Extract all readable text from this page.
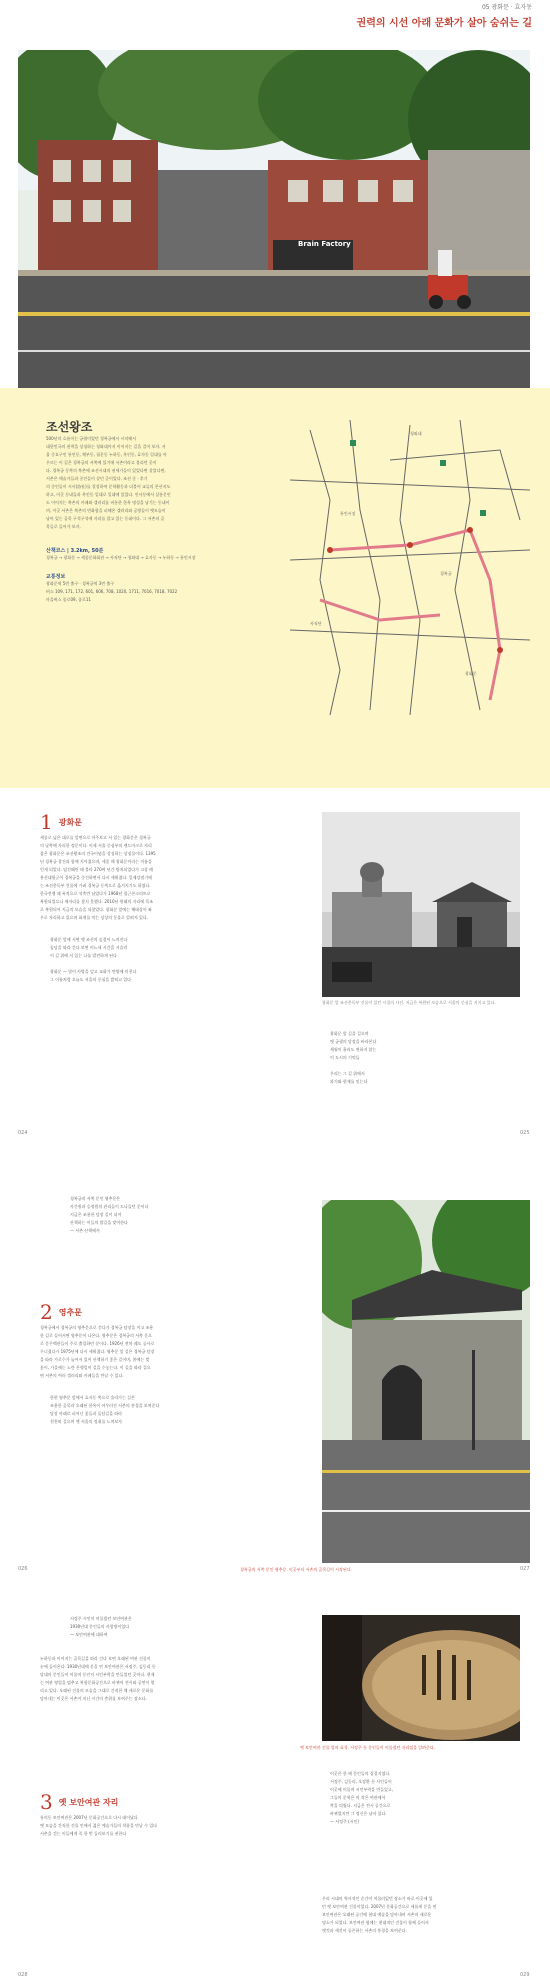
05 광화문 · 효자동
권력의 시선 아래 문화가 살아 숨쉬는 길
Brain Factory
조선왕조
500년의 흐름이는 궁궐이었던 경복궁에서 시작해서
대한민국의 권력을 상징하는 청와대까지 이어지는 길을 걸어 보자. 서
울 중요구인 통인동, 체부동, 필운동 누하동, 옥인동, 효자동 일대를 아
우르는 이 길은 경복궁의 서쪽에 있기에 서촌이라고 불리던 곳이
다. 경복궁 동쪽의 북촌에 조선시대의 권세가들이 있었다면 살았다면,
서촌은 예술가들과 중인들이 살던 곳이었다. 조선 중 · 후기
의 중인들이 시사(詩社)를 결성하여 문학활동과 더불어 교류의 본산지도
하고, 이곳 동네들과 옥인동 일대로 일대에 있었다. 인사동에서 살롱문인
도 이어지는 북촌의 카페와 갤러리를 비롯한 한옥 명성을 남기는 동네이
며, 이곳 서촌은 북촌의 번화함을 피해온 갤러리와 공방들이 옛모습이
남아 있는 골목 구석구석에 자리를 잡고 있는 동네이다. 그 서촌의 골
목들로 들어가 보자.
산책코스 | 3.2km, 50분
경복궁 → 광화문 → 세종문화회관 → 사직단 → 청와대 → 효자동 → 누하동 → 통인시장
교통정보
광화문역 5번 출구 · 경복궁역 3번 출구
버스 109, 171, 172, 601, 606, 708, 1020, 1711, 7016, 7018, 7022
마을버스 종로09, 종로11
경복궁
청와대
사직단
광화문
통인시장
024	025
1 광화문
세종로 넓은 대로를 앞면으로 마주보고 서 있는 광화문은 경복궁
의 남쪽에 자리한 정문이다. 이제 서울 중심부의 랜드마크로 자리
잡은 광화문은 조선왕조의 건국이념을 상징하는 상징물이다. 1395
년 경복궁 창건과 함께 지어졌으며, 세종 때 광화문이라는 이름을
얻게 되었다. 임진왜란 때 불타 270여 년간 방치되었다가 고종 때
흥선대원군이 경복궁을 중건하면서 다시 세워졌다. 일제강점기에
는 조선총독부 건물에 가려 경복궁 동쪽으로 옮겨지기도 하였다.
한국전쟁 때 폭격으로 석축만 남았다가 1968년 철근콘크리트로
복원되었으나 제자리를 찾지 못했다. 2010년 원래의 자리에 목조
로 복원되어 지금의 모습을 되찾았다. 광화문 앞에는 해태상이 좌
우로 자리하고 있으며 화재를 막는 상상의 동물로 알려져 있다.
광화문 앞에 서면 옛 조선의 숨결이 느껴진다
돌담을 따라 걷다 보면 어느새 시간을 거슬러
이 길 위에 서 있는 나를 발견하게 된다
광화문 — 빛이 사방을 덮고 교화가 만방에 미친다
그 이름처럼 오늘도 서울의 중심을 밝히고 있다
광화문 앞 조선총독부 건물이 있던 시절의 사진. 지금은 복원된 모습으로 서울의 중심을 지키고 있다.
광화문 앞 길을 걸으며
옛 궁궐의 담장을 바라본다
세월이 흘러도 변하지 않는
이 도시의 기억들
우리는 그 길 위에서
과거와 현재를 잇는다
경복궁의 서쪽 문인 영추문은
사간원과 승정원의 관리들이 드나들던 문이다
지금은 조용한 담장 길이 되어
산책하는 이들의 발길을 맞이한다
— 서촌 산책에서
2 영추문
경복궁에서 경복궁의 영추문으로 걷다가 경복궁 담장을 끼고 조용
한 길로 들어서면 영추문이 나온다. 영추문은 경복궁의 서쪽 문으
로 문무백관들이 주로 출입하던 문이다. 1926년 전차 궤도 공사로
무너졌다가 1975년에 다시 세워졌다. 영추문 앞 길은 경복궁 담장
을 따라 가로수가 늘어서 있어 산책하기 좋은 길이며, 봄에는 벚
꽃이, 가을에는 노란 은행잎이 길을 수놓는다. 이 길을 따라 걸으
면 서촌의 여러 갤러리와 카페들을 만날 수 있다.
한편 영추문 앞에서 효자동 쪽으로 올라가는 길은
조용한 골목과 오래된 한옥이 어우러진 서촌의 풍경을 보여준다
담장 아래로 피어난 꽃들과 돌담길을 따라
천천히 걸으며 옛 서울의 정취를 느껴보자
경복궁의 서쪽 문인 영추문. 이곳부터 서촌의 골목길이 시작된다.
026	027
서정주 시인이 머물렀던 보안여관은
1930년대 문인들의 사랑방이었다
— 보안여관에 대하여
누하동과 이어지는 골목길을 따라 걷다 보면 오래된 여관 건물이
눈에 들어온다. 1930년대에 문을 연 보안여관은 서정주, 김동리 등
당대의 문인들이 머물며 동인지 시인부락을 만들었던 곳이다. 현재
는 여관 영업을 멈추고 복합문화공간으로 바뀌어 전시와 공연이 열
리고 있다. 오래된 건물의 모습을 그대로 간직한 채 새로운 문화를
담아내는 이곳은 서촌이 지닌 시간의 층위를 보여주는 장소다.
3 옛 보안여관 자리
통의동 보안여관은 2007년 문화공간으로 다시 태어났다
옛 모습을 간직한 건물 안에서 젊은 예술가들의 작품을 만날 수 있다
서촌을 걷는 이들에게 꼭 한 번 들러보기를 권한다
옛 보안여관 건물 앞의 표석. 서정주 등 문인들이 머물렀던 자리임을 알려준다.
이곳은 한 때 문인들의 집결지였다.
서정주, 김동리, 오장환 등 시인들이
이곳에 머물며 시인부락을 만들었고,
그들의 문학은 이 작은 여관에서
싹을 틔웠다. 지금은 전시 공간으로
바뀌었지만 그 정신은 남아 있다.
— 서정주 (시인)
우리 시대의 역사적인 순간이 머물러있던 장소가 바로 이곳에 있
던 옛 보안여관 건물이었다. 2007년 문화공간으로 새롭게 문을 연
보안여관은 오래된 공간에 현대 예술을 담아내며 서촌의 새로운
명소가 되었다. 보안여관 옆에는 현대적인 건물이 함께 들어서
옛것과 새것이 공존하는 서촌의 풍경을 보여준다.
028	029
